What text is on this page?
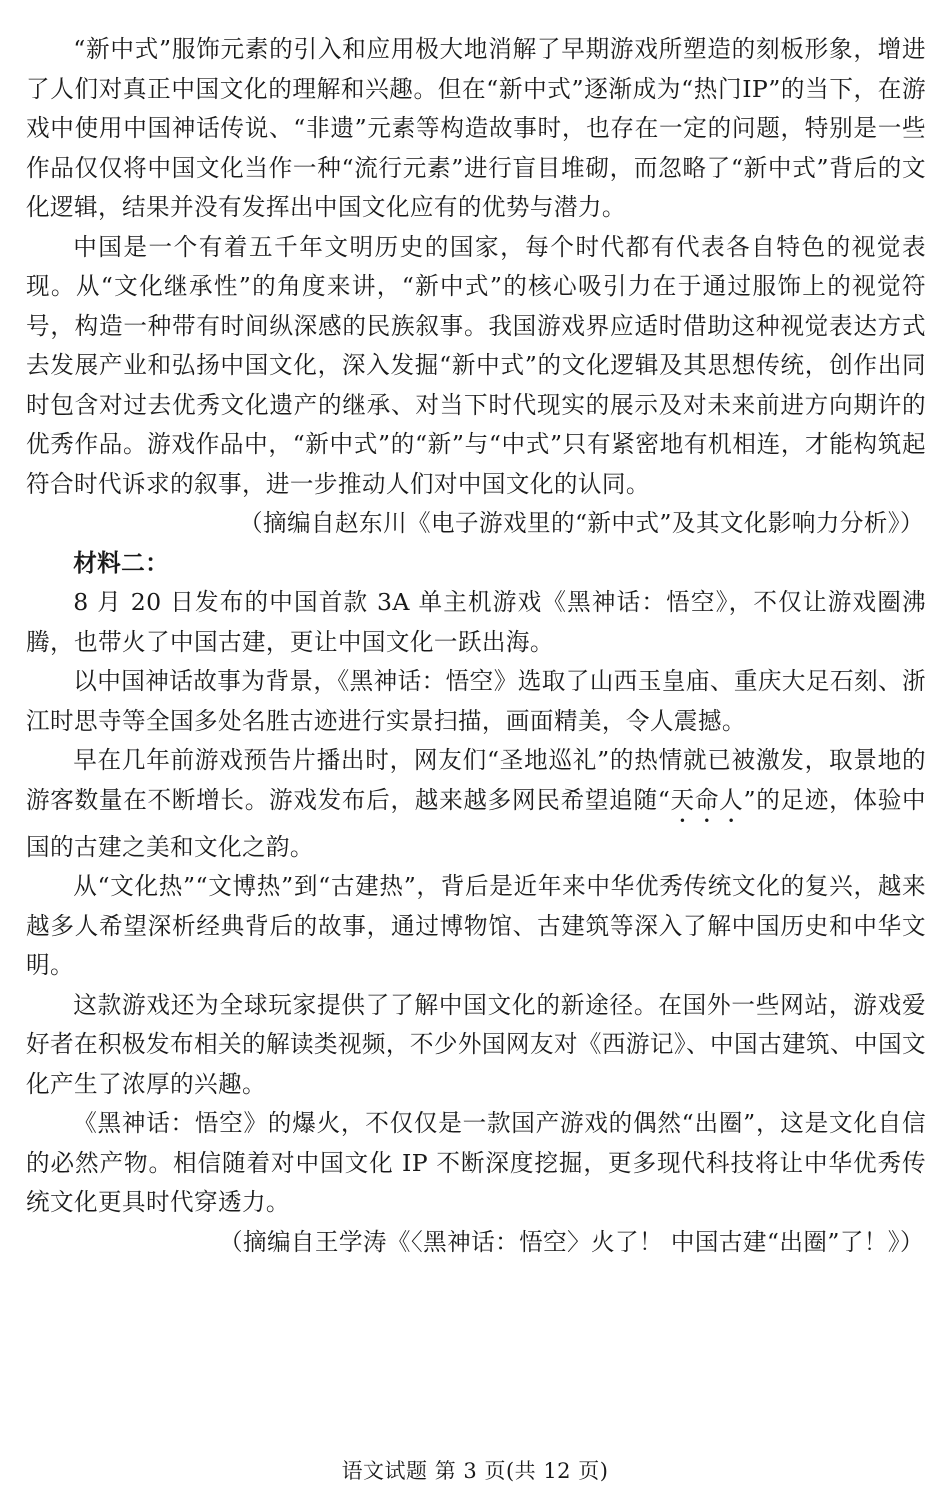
“新中式”服饰元素的引入和应用极大地消解了早期游戏所塑造的刻板形象，增进了人们对真正中国文化的理解和兴趣。但在“新中式”逐渐成为“热门IP”的当下，在游戏中使用中国神话传说、“非遗”元素等构造故事时，也存在一定的问题，特别是一些作品仅仅将中国文化当作一种“流行元素”进行盲目堆砌，而忽略了“新中式”背后的文化逻辑，结果并没有发挥出中国文化应有的优势与潜力。

中国是一个有着五千年文明历史的国家，每个时代都有代表各自特色的视觉表现。从“文化继承性”的角度来讲，“新中式”的核心吸引力在于通过服饰上的视觉符号，构造一种带有时间纵深感的民族叙事。我国游戏界应适时借助这种视觉表达方式去发展产业和弘扬中国文化，深入发掘“新中式”的文化逻辑及其思想传统，创作出同时包含对过去优秀文化遗产的继承、对当下时代现实的展示及对未来前进方向期许的优秀作品。游戏作品中，“新中式”的“新”与“中式”只有紧密地有机相连，才能构筑起符合时代诉求的叙事，进一步推动人们对中国文化的认同。

（摘编自赵东川《电子游戏里的“新中式”及其文化影响力分析》）

材料二：

8 月 20 日发布的中国首款 3A 单主机游戏《黑神话：悟空》，不仅让游戏圈沸腾，也带火了中国古建，更让中国文化一跃出海。

以中国神话故事为背景，《黑神话：悟空》选取了山西玉皇庙、重庆大足石刻、浙江时思寺等全国多处名胜古迹进行实景扫描，画面精美，令人震撼。

早在几年前游戏预告片播出时，网友们“圣地巡礼”的热情就已被激发，取景地的游客数量在不断增长。游戏发布后，越来越多网民希望追随“天命人”的足迹，体验中国的古建之美和文化之韵。

从“文化热”“文博热”到“古建热”，背后是近年来中华优秀传统文化的复兴，越来越多人希望深析经典背后的故事，通过博物馆、古建筑等深入了解中国历史和中华文明。

这款游戏还为全球玩家提供了了解中国文化的新途径。在国外一些网站，游戏爱好者在积极发布相关的解读类视频，不少外国网友对《西游记》、中国古建筑、中国文化产生了浓厚的兴趣。

《黑神话：悟空》的爆火，不仅仅是一款国产游戏的偶然“出圈”，这是文化自信的必然产物。相信随着对中国文化 IP 不断深度挖掘，更多现代科技将让中华优秀传统文化更具时代穿透力。

（摘编自王学涛《〈黑神话：悟空〉火了！ 中国古建“出圈”了！》）

语文试题 第 3 页(共 12 页)
